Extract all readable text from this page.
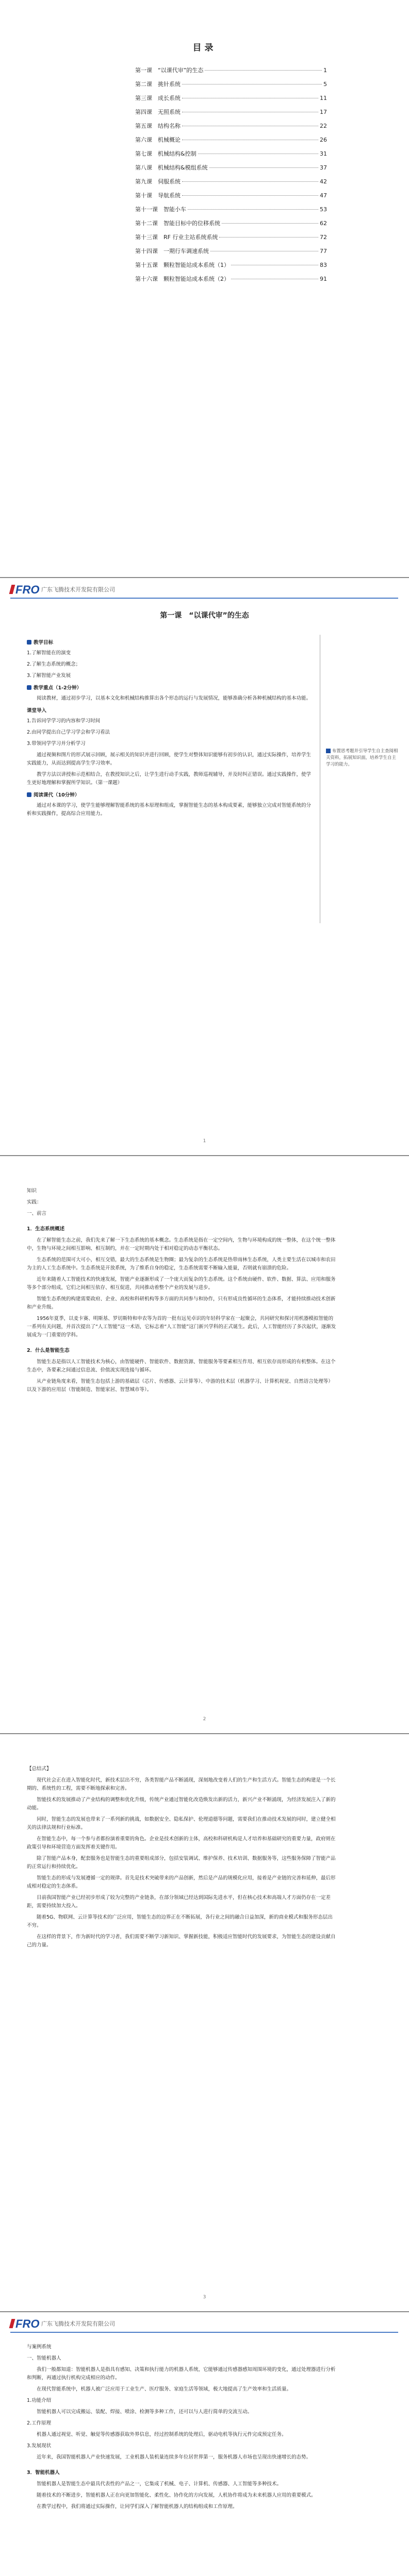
目录
第一课　“以课代审”的生态	1
第二课　挑针系统	5
第三课　成长系统	11
第四课　无照系统	17
第五课　结构名称	22
第六课　机械概论	26
第七课　机械结构&控制	31
第八课　机械结构&模组系统	37
第九课　伺服系统	42
第十课　导航系统	47
第十一课　智能小车	53
第十二课　智能目标中的位移系统	62
第十三课　RF 行业主站系统系统	72
第十四课　一期行车调速系统	77
第十五课　颗粒智能站成本系统（1）	83
第十六课　颗粒智能站成本系统（2）	91
FRO 广东飞腾技术开发院有限公司
第一课　“以课代审”的生态
教学目标

1.了解智能在的演变

2.了解生态系统的概念；

3.了解智能产业发展

教学重点（1-2分钟）

阅读教材，通过初步学习，以基本文化和机械结构推算出各个形态的运行与发展情况，能够准确分析各种机械结构的基本功能。

课堂导入

1.告诉同学学习的内容和学习时间

2.由同学提出自己学习学会和学习看法

3.带领同学学习并分析学习

通过视频和图片的形式展示回顾，展示相关的知识并进行回顾，使学生对整体知识能够有初步的认识，通过实际操作，培养学生实践能力，从而达到提高学生学习效率。

教学方法以讲授和示范相结合，在教授知识之后，让学生进行动手实践，教师巡视辅导，并及时纠正错误。通过实践操作，使学生更好地理解和掌握所学知识。（第一课题）

阅读课代（10分钟）

通过对本课的学习，使学生能够理解智能系统的基本原理和组成，掌握智能生态的基本构成要素，能够独立完成对智能系统的分析和实践操作，提高综合应用能力。

布置思考题并引导学生自主查阅相关资料，拓展知识面，培养学生自主学习的能力。
1

知识

实践：

一、前言

1．生态系统概述

在了解智能生态之前，我们先来了解一下生态系统的基本概念。生态系统是指在一定空间内，生物与环境构成的统一整体，在这个统一整体中，生物与环境之间相互影响、相互制约，并在一定时期内处于相对稳定的动态平衡状态。

生态系统的范围可大可小，相互交错，最大的生态系统是生物圈；最为复杂的生态系统是热带雨林生态系统，人类主要生活在以城市和农田为主的人工生态系统中。生态系统是开放系统，为了维系自身的稳定，生态系统需要不断输入能量，否则就有崩溃的危险。

近年来随着人工智能技术的快速发展，智能产业逐渐形成了一个庞大而复杂的生态系统。这个系统由硬件、软件、数据、算法、应用和服务等多个部分组成，它们之间相互依存、相互促进，共同推动着整个产业的发展与进步。

智能生态系统的构建需要政府、企业、高校和科研机构等多方面的共同参与和协作，只有形成良性循环的生态体系，才能持续推动技术创新和产业升级。

1956年夏季，以麦卡赛、明斯基、罗切斯特和申农等为首的一批有远见卓识的年轻科学家在一起聚会，共同研究和探讨用机器模拟智能的一系列有关问题，并首次提出了“人工智能”这一术语，它标志着“人工智能”这门新兴学科的正式诞生。此后，人工智能经历了多次起伏，逐渐发展成为一门重要的学科。

2．什么是智能生态

智能生态是指以人工智能技术为核心，由智能硬件、智能软件、数据资源、智能服务等要素相互作用、相互依存而形成的有机整体。在这个生态中，各要素之间通过信息流、价值流实现连接与循环。

从产业链角度来看，智能生态包括上游的基础层（芯片、传感器、云计算等）、中游的技术层（机器学习、计算机视觉、自然语言处理等）以及下游的应用层（智能制造、智能家居、智慧城市等）。

2

【总结式】

现代社会正在进入智能化时代，新技术层出不穷，各类智能产品不断涌现，深刻地改变着人们的生产和生活方式。智能生态的构建是一个长期的、系统性的工程，需要不断地探索和完善。

智能技术的发展推动了产业结构的调整和优化升级，传统产业通过智能化改造焕发出新的活力，新兴产业不断涌现，为经济发展注入了新的动能。

同时，智能生态的发展也带来了一系列新的挑战，如数据安全、隐私保护、伦理道德等问题，需要我们在推动技术发展的同时，建立健全相关的法律法规和行业标准。

在智能生态中，每一个参与者都扮演着重要的角色。企业是技术创新的主体，高校和科研机构是人才培养和基础研究的重要力量，政府则在政策引导和环境营造方面发挥着关键作用。

除了智能产品本身，配套服务也是智能生态的重要组成部分，包括安装调试、维护保养、技术培训、数据服务等，这些服务保障了智能产品的正常运行和持续优化。

智能生态的形成与发展遵循一定的规律。首先是技术突破带来的产品创新，然后是产品的规模化应用，接着是产业链的完善和延伸，最后形成相对稳定的生态体系。

目前我国智能产业已经初步形成了较为完整的产业链条，在部分领域已经达到国际先进水平，但在核心技术和高端人才方面仍存在一定差距，需要持续加大投入。

随着5G、物联网、云计算等技术的广泛应用，智能生态的边界正在不断拓展，各行业之间的融合日益加深，新的商业模式和服务形态层出不穷。

在这样的背景下，作为新时代的学习者，我们需要不断学习新知识、掌握新技能，积极适应智能时代的发展要求，为智能生态的建设贡献自己的力量。

3
FRO 广东飞腾技术开发院有限公司

与案例系统

一、智能机器人

我们一般都知道：智能机器人是指具有感知、决策和执行能力的机器人系统，它能够通过传感器感知周围环境的变化，通过处理器进行分析和判断，再通过执行机构完成相应的动作。

在现代智能系统中，机器人被广泛应用于工业生产、医疗服务、家庭生活等领域，极大地提高了生产效率和生活质量。

1.功能介绍

智能机器人可以完成搬运、装配、焊接、喷涂、检测等多种工作，还可以与人进行简单的交流互动。

2.工作原理

机器人通过视觉、听觉、触觉等传感器获取外界信息，经过控制系统的处理后，驱动电机等执行元件完成预定任务。

3.发展现状

近年来，我国智能机器人产业快速发展，工业机器人装机量连续多年位居世界第一，服务机器人市场也呈现出快速增长的态势。

3．智能机器人

智能机器人是智能生态中最具代表性的产品之一，它集成了机械、电子、计算机、传感器、人工智能等多种技术。

随着技术的不断进步，智能机器人正在向更加智能化、柔性化、协作化的方向发展，人机协作将成为未来机器人应用的重要模式。

在教学过程中，我们将通过实际操作，让同学们深入了解智能机器人的结构组成和工作原理。
